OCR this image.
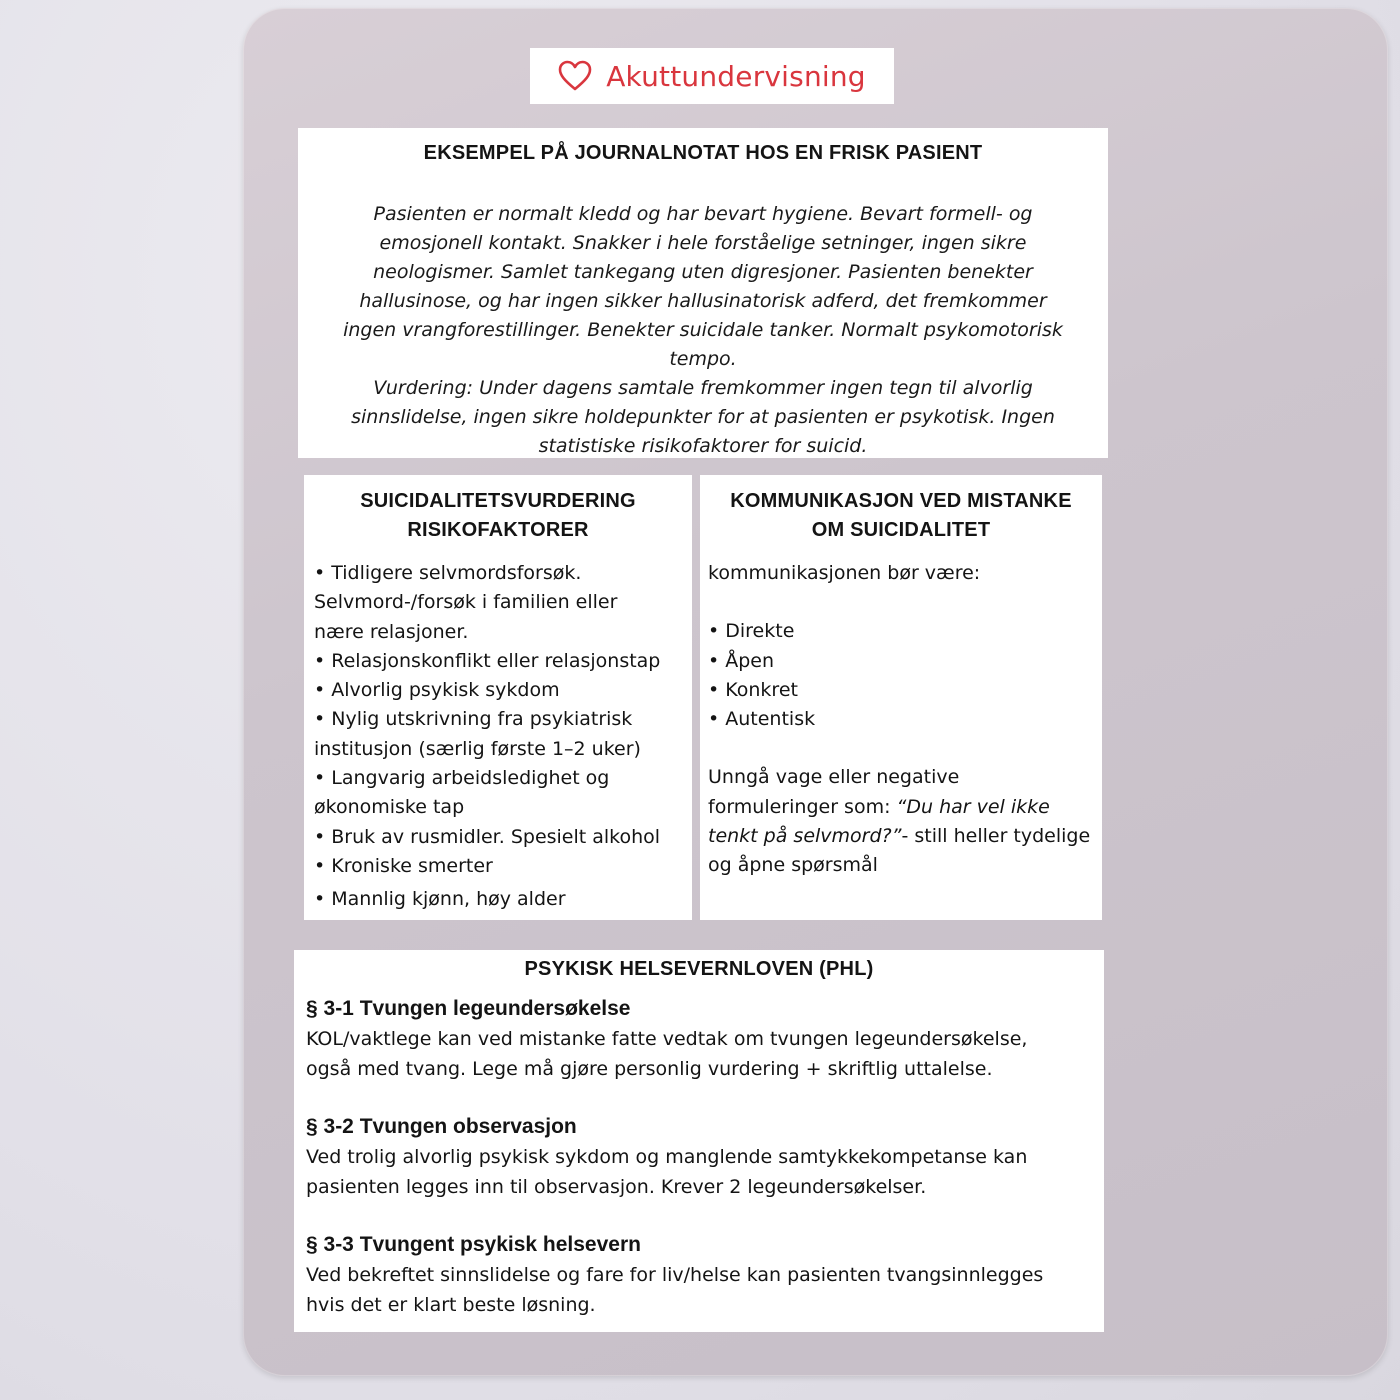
Akuttundervisning
EKSEMPEL PÅ JOURNALNOTAT HOS EN FRISK PASIENT
Pasienten er normalt kledd og har bevart hygiene. Bevart formell- og
emosjonell kontakt. Snakker i hele forståelige setninger, ingen sikre
neologismer. Samlet tankegang uten digresjoner. Pasienten benekter
hallusinose, og har ingen sikker hallusinatorisk adferd, det fremkommer
ingen vrangforestillinger. Benekter suicidale tanker. Normalt psykomotorisk
tempo.
Vurdering: Under dagens samtale fremkommer ingen tegn til alvorlig
sinnslidelse, ingen sikre holdepunkter for at pasienten er psykotisk. Ingen
statistiske risikofaktorer for suicid.
SUICIDALITETSVURDERING
RISIKOFAKTORER
• Tidligere selvmordsforsøk.
Selvmord-/forsøk i familien eller
nære relasjoner.
• Relasjonskonflikt eller relasjonstap
• Alvorlig psykisk sykdom
• Nylig utskrivning fra psykiatrisk
institusjon (særlig første 1–2 uker)
• Langvarig arbeidsledighet og
økonomiske tap
• Bruk av rusmidler. Spesielt alkohol
• Kroniske smerter
• Mannlig kjønn, høy alder
KOMMUNIKASJON VED MISTANKE
OM SUICIDALITET
kommunikasjonen bør være:
• Direkte
• Åpen
• Konkret
• Autentisk
Unngå vage eller negative
formuleringer som: “Du har vel ikke
tenkt på selvmord?”- still heller tydelige
og åpne spørsmål
PSYKISK HELSEVERNLOVEN (PHL)
§ 3-1 Tvungen legeundersøkelse
KOL/vaktlege kan ved mistanke fatte vedtak om tvungen legeundersøkelse,
også med tvang. Lege må gjøre personlig vurdering + skriftlig uttalelse.
§ 3-2 Tvungen observasjon
Ved trolig alvorlig psykisk sykdom og manglende samtykkekompetanse kan
pasienten legges inn til observasjon. Krever 2 legeundersøkelser.
§ 3-3 Tvungent psykisk helsevern
Ved bekreftet sinnslidelse og fare for liv/helse kan pasienten tvangsinnlegges
hvis det er klart beste løsning.
